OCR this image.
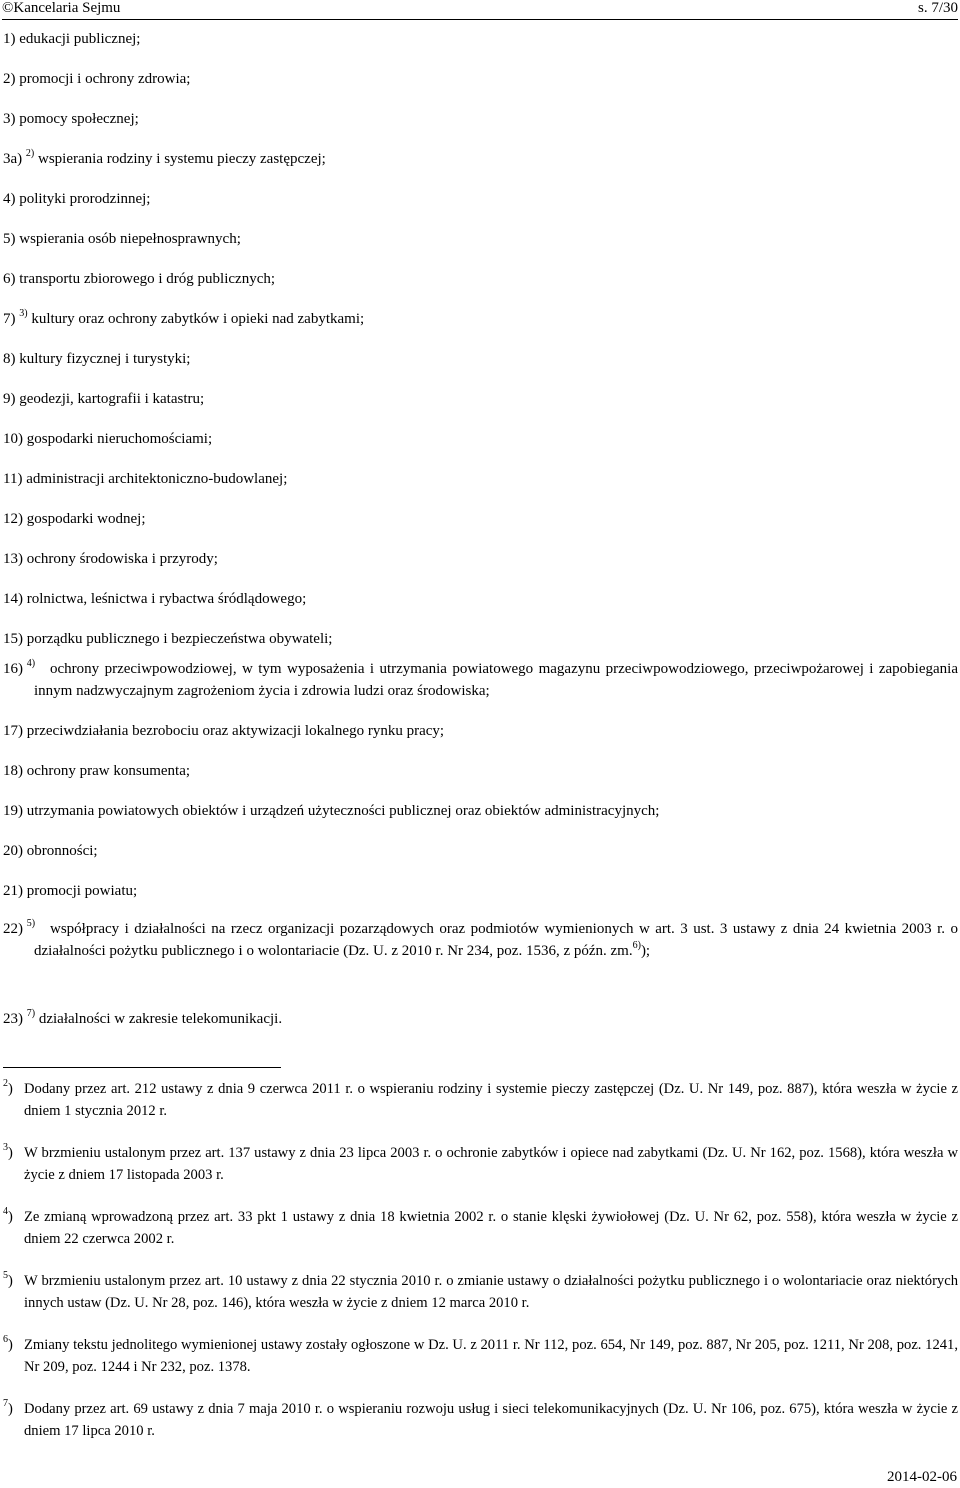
©Kancelaria Sejmu	s. 7/30
1) edukacji publicznej;
2) promocji i ochrony zdrowia;
3) pomocy społecznej;
3a) $^{2)}$ wspierania rodziny i systemu pieczy zastępczej;
4) polityki prorodzinnej;
5) wspierania osób niepełnosprawnych;
6) transportu zbiorowego i dróg publicznych;
7) $^{3)}$ kultury oraz ochrony zabytków i opieki nad zabytkami;
8) kultury fizycznej i turystyki;
9) geodezji, kartografii i katastru;
10) gospodarki nieruchomościami;
11) administracji architektoniczno-budowlanej;
12) gospodarki wodnej;
13) ochrony środowiska i przyrody;
14) rolnictwa, leśnictwa i rybactwa śródlądowego;
15) porządku publicznego i bezpieczeństwa obywateli;
16) $^{4)}$ ochrony przeciwpowodziowej, w tym wyposażenia i utrzymania powiatowego magazynu przeciwpowodziowego, przeciwpożarowej i zapobiegania innym nadzwyczajnym zagrożeniom życia i zdrowia ludzi oraz środowiska;
17) przeciwdziałania bezrobociu oraz aktywizacji lokalnego rynku pracy;
18) ochrony praw konsumenta;
19) utrzymania powiatowych obiektów i urządzeń użyteczności publicznej oraz obiektów administracyjnych;
20) obronności;
21) promocji powiatu;
22) $^{5)}$ współpracy i działalności na rzecz organizacji pozarządowych oraz podmiotów wymienionych w art. 3 ust. 3 ustawy z dnia 24 kwietnia 2003 r. o działalności pożytku publicznego i o wolontariacie (Dz. U. z 2010 r. Nr 234, poz. 1536, z późn. zm.$^{6)}$);
23) $^{7)}$ działalności w zakresie telekomunikacji.
$^2$) Dodany przez art. 212 ustawy z dnia 9 czerwca 2011 r. o wspieraniu rodziny i systemie pieczy zastępczej (Dz. U. Nr 149, poz. 887), która weszła w życie z dniem 1 stycznia 2012 r.
$^3$) W brzmieniu ustalonym przez art. 137 ustawy z dnia 23 lipca 2003 r. o ochronie zabytków i opiece nad zabytkami (Dz. U. Nr 162, poz. 1568), która weszła w życie z dniem 17 listopada 2003 r.
$^4$) Ze zmianą wprowadzoną przez art. 33 pkt 1 ustawy z dnia 18 kwietnia 2002 r. o stanie klęski żywiołowej (Dz. U. Nr 62, poz. 558), która weszła w życie z dniem 22 czerwca 2002 r.
$^5$) W brzmieniu ustalonym przez art. 10 ustawy z dnia 22 stycznia 2010 r. o zmianie ustawy o działalności pożytku publicznego i o wolontariacie oraz niektórych innych ustaw (Dz. U. Nr 28, poz. 146), która weszła w życie z dniem 12 marca 2010 r.
$^6$) Zmiany tekstu jednolitego wymienionej ustawy zostały ogłoszone w Dz. U. z 2011 r. Nr 112, poz. 654, Nr 149, poz. 887, Nr 205, poz. 1211, Nr 208, poz. 1241, Nr 209, poz. 1244 i Nr 232, poz. 1378.
$^7$) Dodany przez art. 69 ustawy z dnia 7 maja 2010 r. o wspieraniu rozwoju usług i sieci telekomunikacyjnych (Dz. U. Nr 106, poz. 675), która weszła w życie z dniem 17 lipca 2010 r.
2014-02-06
